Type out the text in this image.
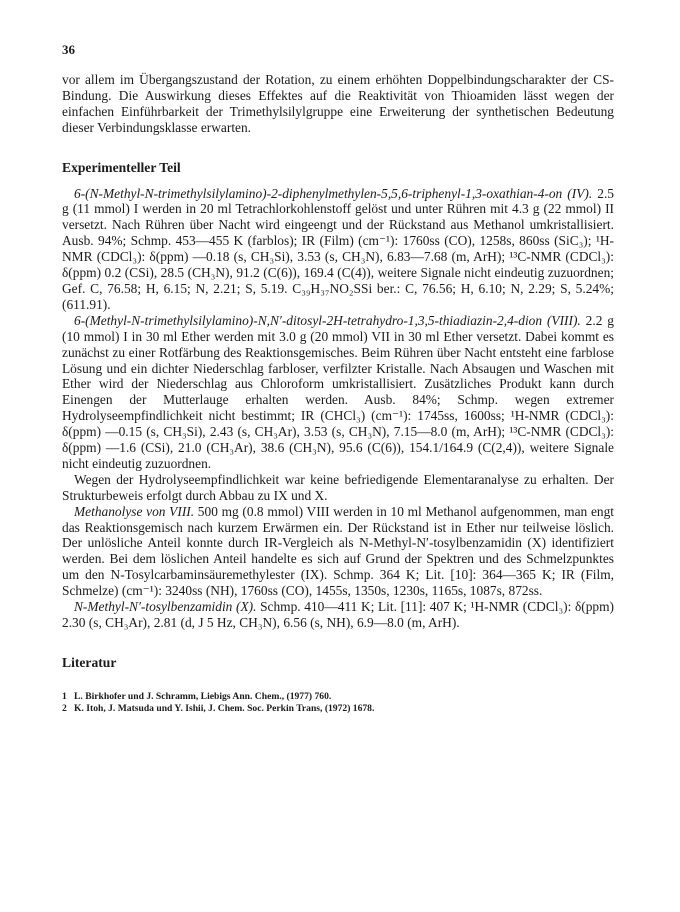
36

vor allem im Übergangszustand der Rotation, zu einem erhöhten Doppelbindungscharakter der CS-Bindung. Die Auswirkung dieses Effektes auf die Reaktivität von Thioamiden lässt wegen der einfachen Einführbarkeit der Trimethylsilylgruppe eine Erweiterung der synthetischen Bedeutung dieser Verbindungsklasse erwarten.

Experimenteller Teil

6-(N-Methyl-N-trimethylsilylamino)-2-diphenylmethylen-5,5,6-triphenyl-1,3-oxathian-4-on (IV). 2.5 g (11 mmol) I werden in 20 ml Tetrachlorkohlenstoff gelöst und unter Rühren mit 4.3 g (22 mmol) II versetzt. Nach Rühren über Nacht wird eingeengt und der Rückstand aus Methanol umkristallisiert. Ausb. 94%; Schmp. 453—455 K (farblos); IR (Film) (cm⁻¹): 1760ss (CO), 1258s, 860ss (SiC₃); ¹H-NMR (CDCl₃): δ(ppm) —0.18 (s, CH₃Si), 3.53 (s, CH₃N), 6.83—7.68 (m, ArH); ¹³C-NMR (CDCl₃): δ(ppm) 0.2 (CSi), 28.5 (CH₃N), 91.2 (C(6)), 169.4 (C(4)), weitere Signale nicht eindeutig zuzuordnen; Gef. C, 76.58; H, 6.15; N, 2.21; S, 5.19. C₃₉H₃₇NO₂SSi ber.: C, 76.56; H, 6.10; N, 2.29; S, 5.24%; (611.91).

6-(Methyl-N-trimethylsilylamino)-N,N′-ditosyl-2H-tetrahydro-1,3,5-thiadiazin-2,4-dion (VIII). 2.2 g (10 mmol) I in 30 ml Ether werden mit 3.0 g (20 mmol) VII in 30 ml Ether versetzt. Dabei kommt es zunächst zu einer Rotfärbung des Reaktionsgemisches. Beim Rühren über Nacht entsteht eine farblose Lösung und ein dichter Niederschlag farbloser, verfilzter Kristalle. Nach Absaugen und Waschen mit Ether wird der Niederschlag aus Chloroform umkristallisiert. Zusätzliches Produkt kann durch Einengen der Mutterlauge erhalten werden. Ausb. 84%; Schmp. wegen extremer Hydrolyseempfindlichkeit nicht bestimmt; IR (CHCl₃) (cm⁻¹): 1745ss, 1600ss; ¹H-NMR (CDCl₃): δ(ppm) —0.15 (s, CH₃Si), 2.43 (s, CH₃Ar), 3.53 (s, CH₃N), 7.15—8.0 (m, ArH); ¹³C-NMR (CDCl₃): δ(ppm) —1.6 (CSi), 21.0 (CH₃Ar), 38.6 (CH₃N), 95.6 (C(6)), 154.1/164.9 (C(2,4)), weitere Signale nicht eindeutig zuzuordnen.

Wegen der Hydrolyseempfindlichkeit war keine befriedigende Elementaranalyse zu erhalten. Der Strukturbeweis erfolgt durch Abbau zu IX und X.

Methanolyse von VIII. 500 mg (0.8 mmol) VIII werden in 10 ml Methanol aufgenommen, man engt das Reaktionsgemisch nach kurzem Erwärmen ein. Der Rückstand ist in Ether nur teilweise löslich. Der unlösliche Anteil konnte durch IR-Vergleich als N-Methyl-N′-tosylbenzamidin (X) identifiziert werden. Bei dem löslichen Anteil handelte es sich auf Grund der Spektren und des Schmelzpunktes um den N-Tosylcarbaminsäuremethylester (IX). Schmp. 364 K; Lit. [10]: 364—365 K; IR (Film, Schmelze) (cm⁻¹): 3240ss (NH), 1760ss (CO), 1455s, 1350s, 1230s, 1165s, 1087s, 872ss.

N-Methyl-N′-tosylbenzamidin (X). Schmp. 410—411 K; Lit. [11]: 407 K; ¹H-NMR (CDCl₃): δ(ppm) 2.30 (s, CH₃Ar), 2.81 (d, J 5 Hz, CH₃N), 6.56 (s, NH), 6.9—8.0 (m, ArH).

Literatur
1 L. Birkhofer und J. Schramm, Liebigs Ann. Chem., (1977) 760.
2 K. Itoh, J. Matsuda und Y. Ishii, J. Chem. Soc. Perkin Trans, (1972) 1678.
